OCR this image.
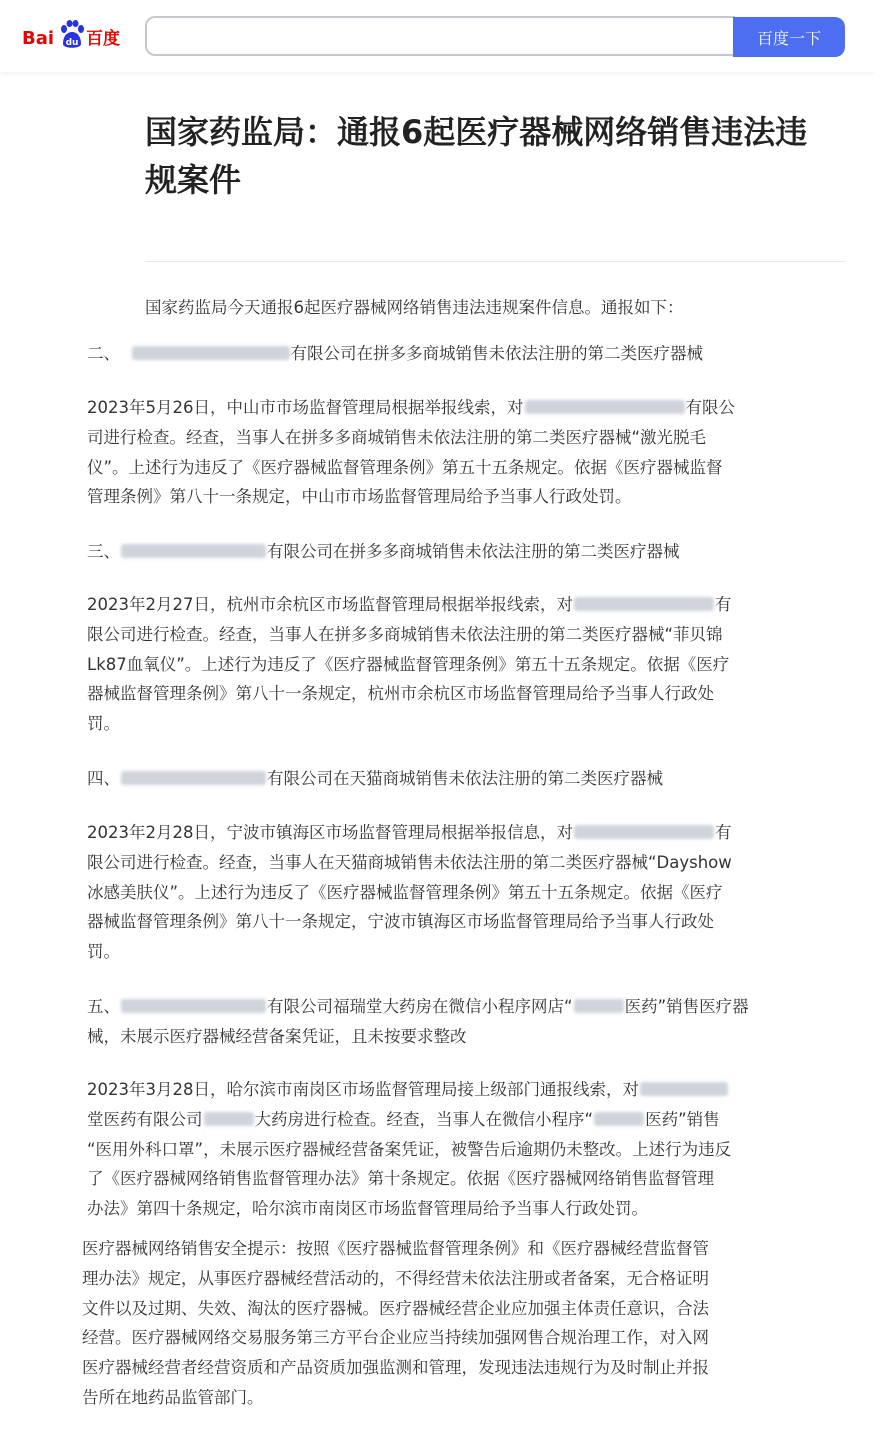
Bai du 百度	百度一下
国家药监局：通报6起医疗器械网络销售违法违规案件

国家药监局今天通报6起医疗器械网络销售违法违规案件信息。通报如下：

二、	有限公司在拼多多商城销售未依法注册的第二类医疗器械

2023年5月26日，中山市市场监督管理局根据举报线索，对	有限公
司进行检查。经查，当事人在拼多多商城销售未依法注册的第二类医疗器械“激光脱毛
仪”。上述行为违反了《医疗器械监督管理条例》第五十五条规定。依据《医疗器械监督
管理条例》第八十一条规定，中山市市场监督管理局给予当事人行政处罚。

三、	有限公司在拼多多商城销售未依法注册的第二类医疗器械

2023年2月27日，杭州市余杭区市场监督管理局根据举报线索，对	有
限公司进行检查。经查，当事人在拼多多商城销售未依法注册的第二类医疗器械“菲贝锦
Lk87血氧仪”。上述行为违反了《医疗器械监督管理条例》第五十五条规定。依据《医疗
器械监督管理条例》第八十一条规定，杭州市余杭区市场监督管理局给予当事人行政处
罚。

四、	有限公司在天猫商城销售未依法注册的第二类医疗器械

2023年2月28日，宁波市镇海区市场监督管理局根据举报信息，对	有
限公司进行检查。经查，当事人在天猫商城销售未依法注册的第二类医疗器械“Dayshow
冰感美肤仪”。上述行为违反了《医疗器械监督管理条例》第五十五条规定。依据《医疗
器械监督管理条例》第八十一条规定，宁波市镇海区市场监督管理局给予当事人行政处
罚。
五、	有限公司福瑞堂大药房在微信小程序网店“	医药”销售医疗器
械，未展示医疗器械经营备案凭证，且未按要求整改
2023年3月28日，哈尔滨市南岗区市场监督管理局接上级部门通报线索，对
堂医药有限公司	大药房进行检查。经查，当事人在微信小程序“	医药”销售
“医用外科口罩”，未展示医疗器械经营备案凭证，被警告后逾期仍未整改。上述行为违反
了《医疗器械网络销售监督管理办法》第十条规定。依据《医疗器械网络销售监督管理
办法》第四十条规定，哈尔滨市南岗区市场监督管理局给予当事人行政处罚。

医疗器械网络销售安全提示：按照《医疗器械监督管理条例》和《医疗器械经营监督管
理办法》规定，从事医疗器械经营活动的，不得经营未依法注册或者备案，无合格证明
文件以及过期、失效、淘汰的医疗器械。医疗器械经营企业应加强主体责任意识，合法
经营。医疗器械网络交易服务第三方平台企业应当持续加强网售合规治理工作，对入网
医疗器械经营者经营资质和产品资质加强监测和管理，发现违法违规行为及时制止并报
告所在地药品监管部门。
